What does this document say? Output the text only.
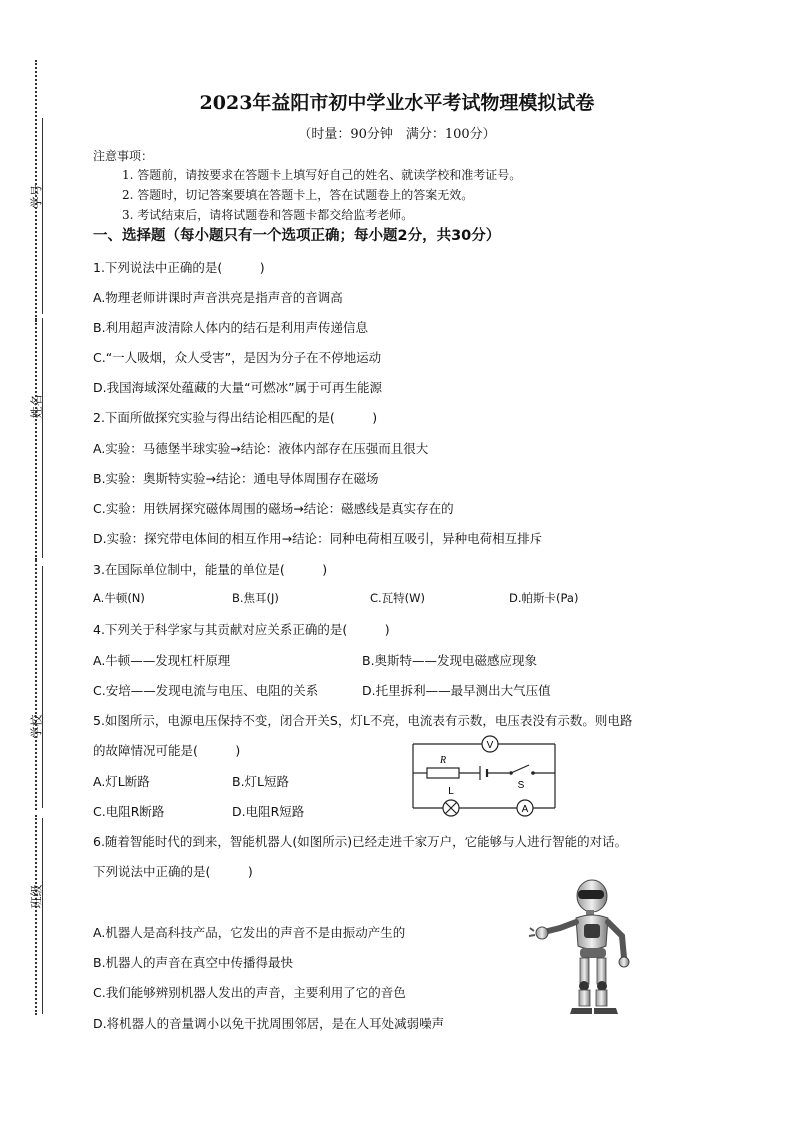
学号
姓名
学校
班级
2023年益阳市初中学业水平考试物理模拟试卷
（时量：90分钟　满分：100分）
注意事项：
1. 答题前，请按要求在答题卡上填写好自己的姓名、就读学校和准考证号。
2. 答题时，切记答案要填在答题卡上，答在试题卷上的答案无效。
3. 考试结束后，请将试题卷和答题卡都交给监考老师。
一、选择题（每小题只有一个选项正确；每小题2分，共30分）
1.下列说法中正确的是(　　　)
A.物理老师讲课时声音洪亮是指声音的音调高
B.利用超声波清除人体内的结石是利用声传递信息
C.“一人吸烟，众人受害”，是因为分子在不停地运动
D.我国海域深处蕴藏的大量“可燃冰”属于可再生能源
2.下面所做探究实验与得出结论相匹配的是(　　　)
A.实验：马德堡半球实验→结论：液体内部存在压强而且很大
B.实验：奥斯特实验→结论：通电导体周围存在磁场
C.实验：用铁屑探究磁体周围的磁场→结论：磁感线是真实存在的
D.实验：探究带电体间的相互作用→结论：同种电荷相互吸引，异种电荷相互排斥
3.在国际单位制中，能量的单位是(　　　)
A.牛顿(N)	B.焦耳(J)	C.瓦特(W)	D.帕斯卡(Pa)
4.下列关于科学家与其贡献对应关系正确的是(　　　)
A.牛顿——发现杠杆原理	B.奥斯特——发现电磁感应现象
C.安培——发现电流与电压、电阻的关系	D.托里拆利——最早测出大气压值
5.如图所示，电源电压保持不变，闭合开关S，灯L不亮，电流表有示数，电压表没有示数。则电路
的故障情况可能是(　　　)
A.灯L断路	B.灯L短路
C.电阻R断路	D.电阻R短路
V
R
S
L
A
6.随着智能时代的到来，智能机器人(如图所示)已经走进千家万户，它能够与人进行智能的对话。
下列说法中正确的是(　　　)
A.机器人是高科技产品，它发出的声音不是由振动产生的
B.机器人的声音在真空中传播得最快
C.我们能够辨别机器人发出的声音，主要利用了它的音色
D.将机器人的音量调小以免干扰周围邻居，是在人耳处减弱噪声
